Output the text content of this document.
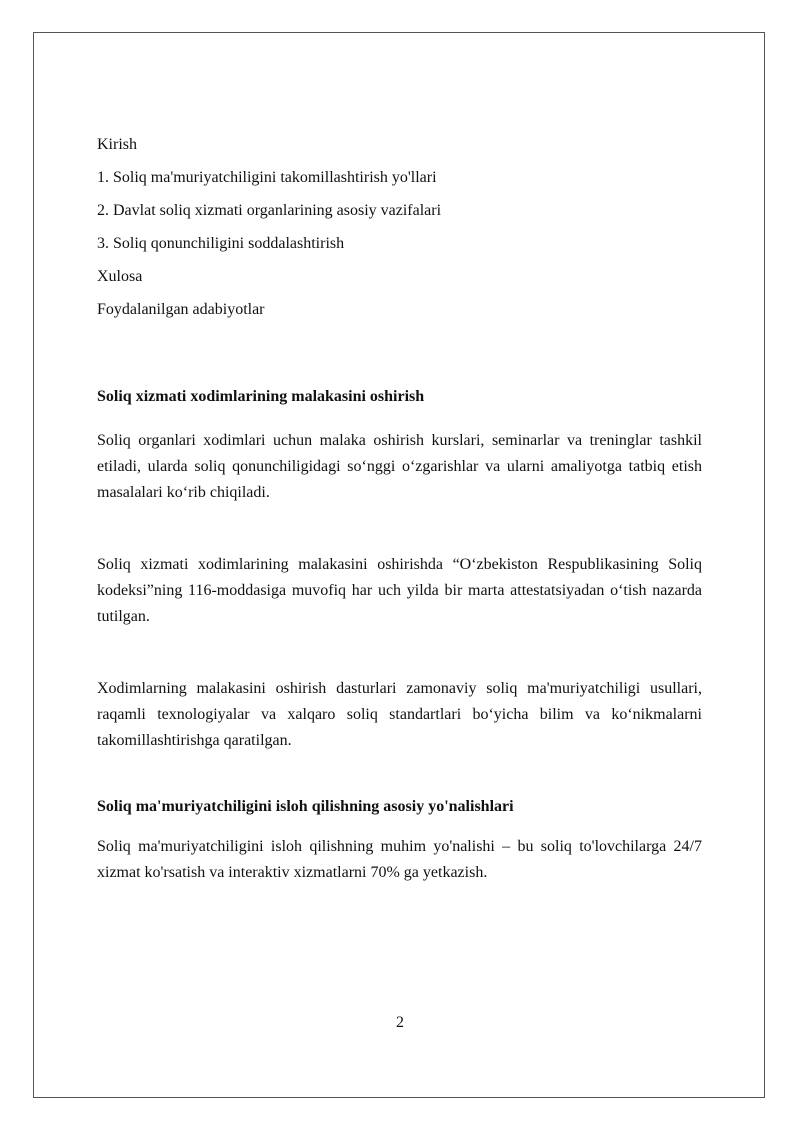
Kirish
1. Soliq ma'muriyatchiligini takomillashtirish yo'llari
2. Davlat soliq xizmati organlarining asosiy vazifalari
3. Soliq qonunchiligini soddalashtirish
Xulosa
Foydalanilgan adabiyotlar
Soliq xizmati xodimlarining malakasini oshirish

Soliq organlari xodimlari uchun malaka oshirish kurslari, seminarlar va treninglar tashkil etiladi, ularda soliq qonunchiligidagi so‘nggi o‘zgarishlar va ularni amaliyotga tatbiq etish masalalari ko‘rib chiqiladi.

Soliq xizmati xodimlarining malakasini oshirishda “O‘zbekiston Respublikasining Soliq kodeksi”ning 116-moddasiga muvofiq har uch yilda bir marta attestatsiyadan o‘tish nazarda tutilgan.

Xodimlarning malakasini oshirish dasturlari zamonaviy soliq ma'muriyatchiligi usullari, raqamli texnologiyalar va xalqaro soliq standartlari bo‘yicha bilim va ko‘nikmalarni takomillashtirishga qaratilgan.

Soliq ma'muriyatchiligini isloh qilishning asosiy yo'nalishlari

Soliq ma'muriyatchiligini isloh qilishning muhim yo'nalishi – bu soliq to'lovchilarga 24/7 xizmat ko'rsatish va interaktiv xizmatlarni 70% ga yetkazish.

2
